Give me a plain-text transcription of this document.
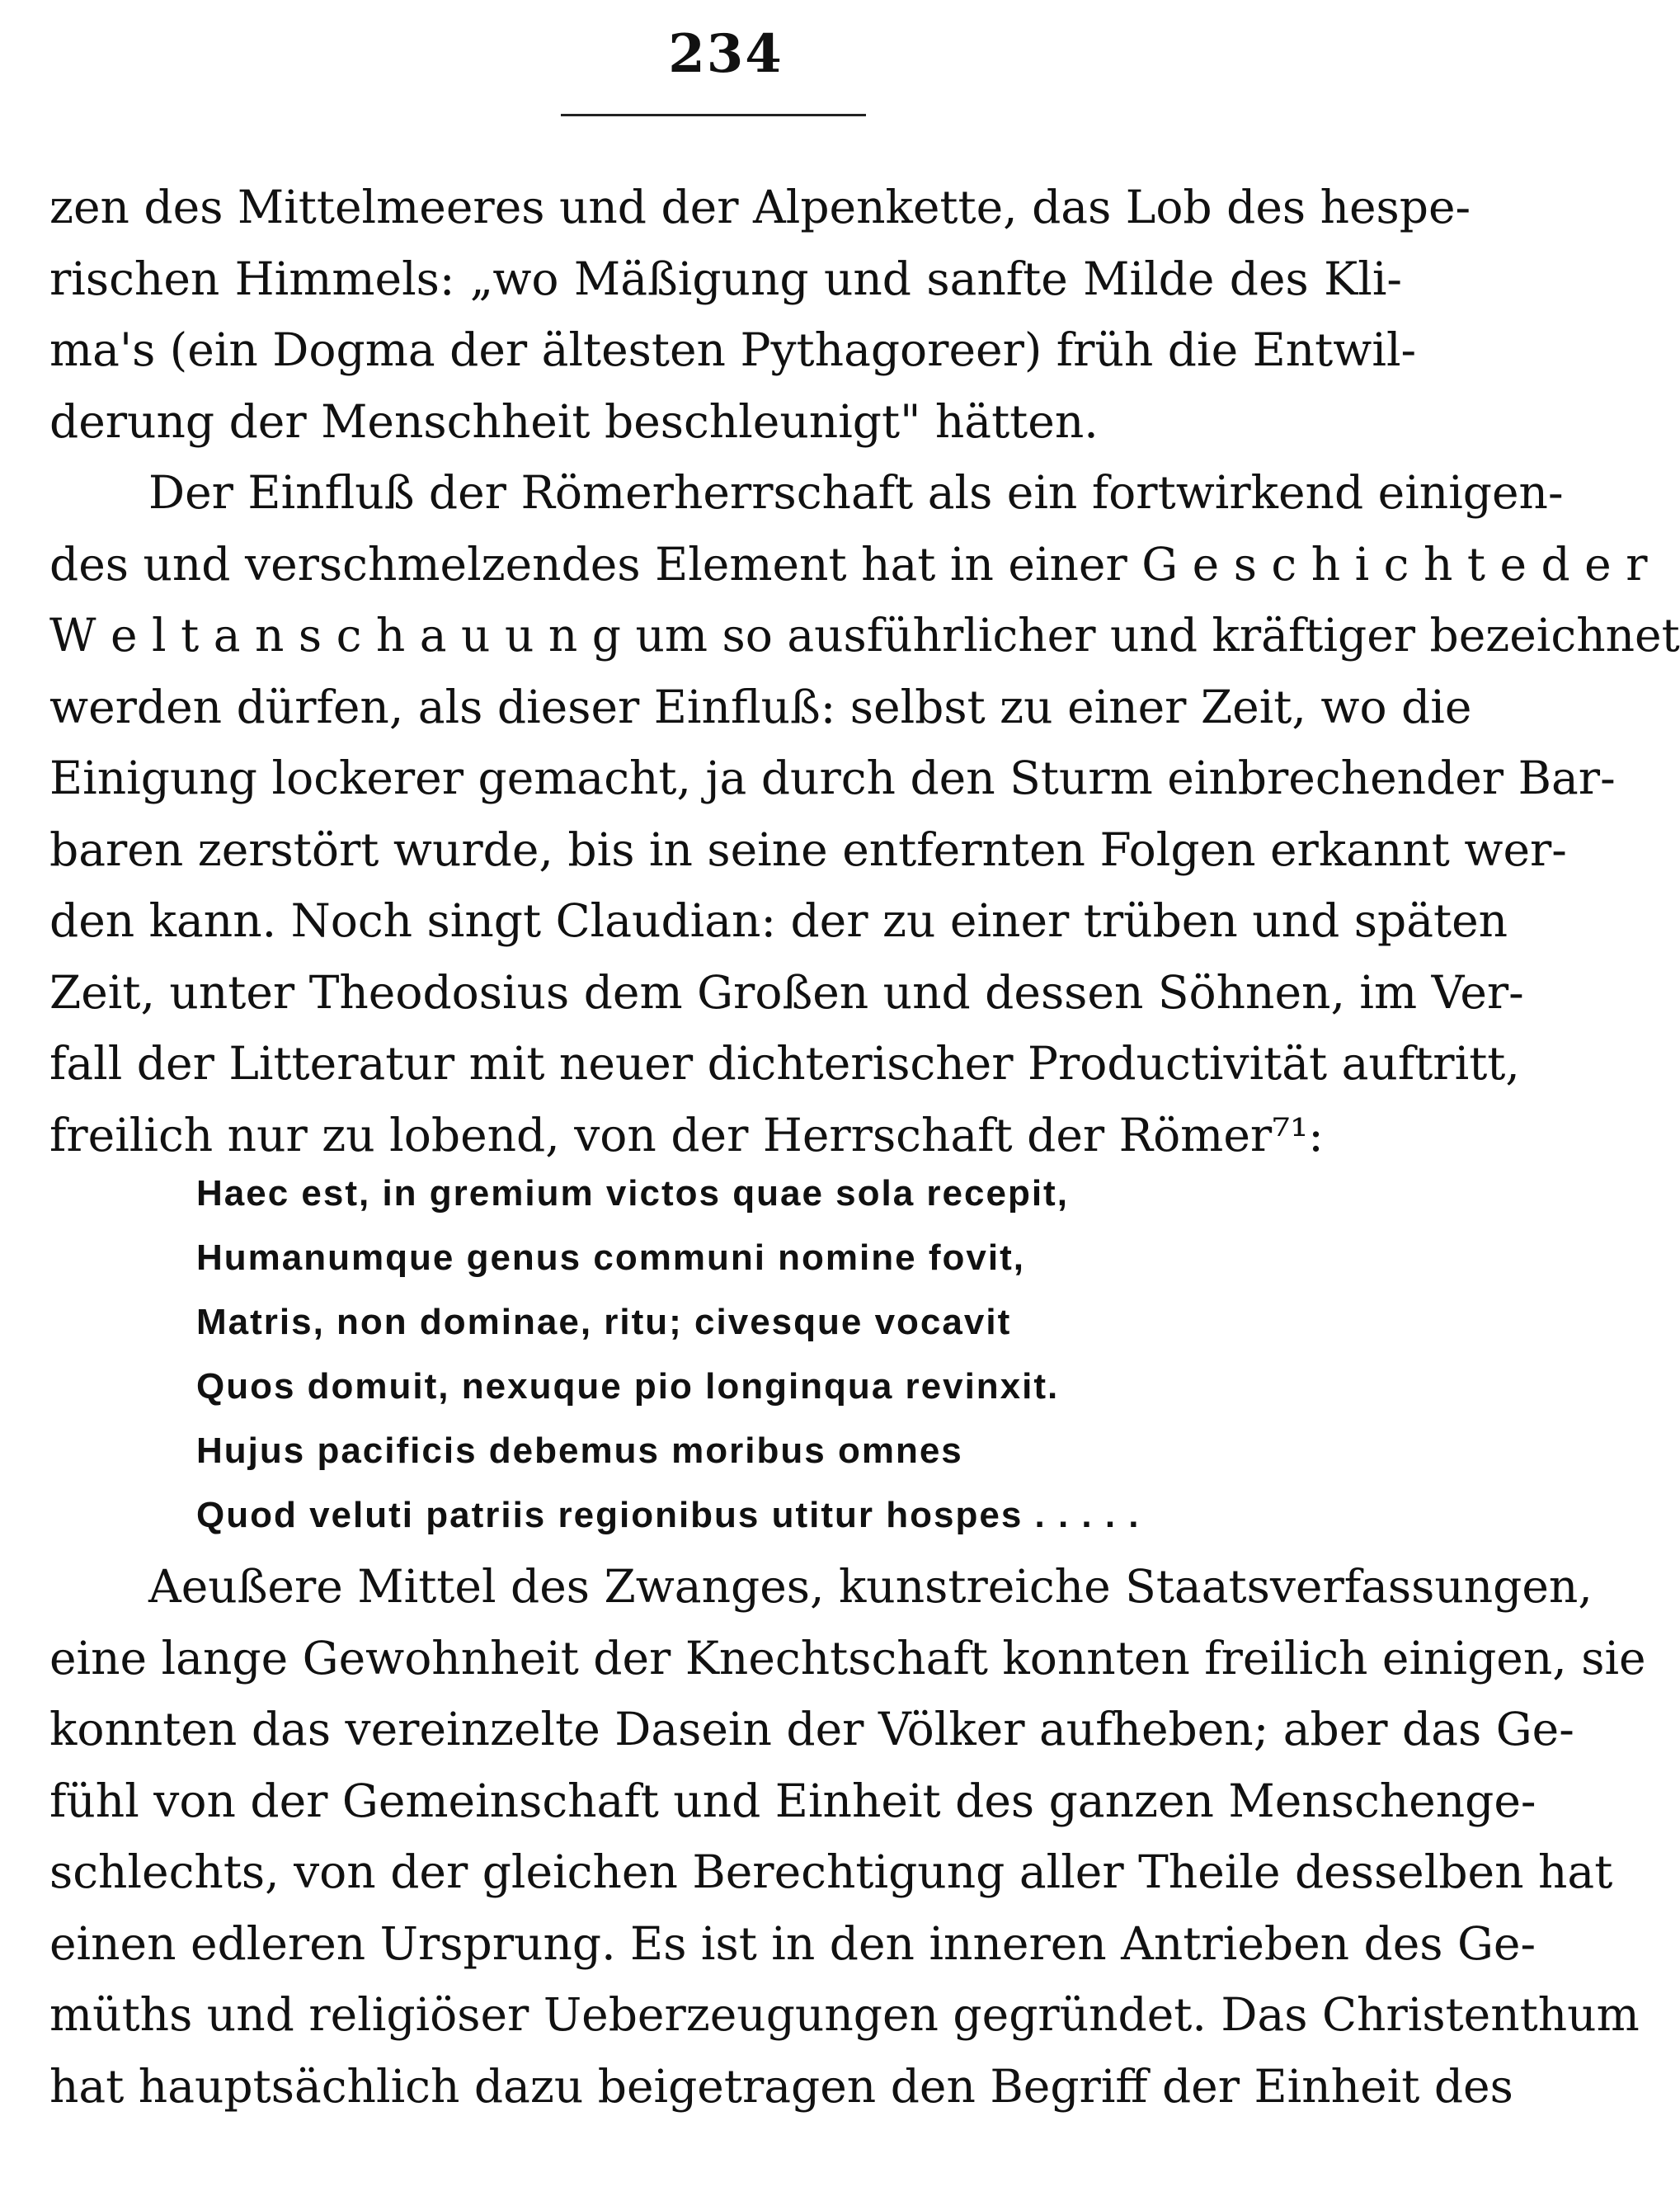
234
zen des Mittelmeeres und der Alpenkette, das Lob des hespe-
rischen Himmels: „wo Mäßigung und sanfte Milde des Kli-
ma's (ein Dogma der ältesten Pythagoreer) früh die Entwil-
derung der Menschheit beschleunigt" hätten.
Der Einfluß der Römerherrschaft als ein fortwirkend einigen-
des und verschmelzendes Element hat in einer G e s c h i c h t e d e r
W e l t a n s c h a u u n g um so ausführlicher und kräftiger bezeichnet
werden dürfen, als dieser Einfluß: selbst zu einer Zeit, wo die
Einigung lockerer gemacht, ja durch den Sturm einbrechender Bar-
baren zerstört wurde, bis in seine entfernten Folgen erkannt wer-
den kann. Noch singt Claudian: der zu einer trüben und späten
Zeit, unter Theodosius dem Großen und dessen Söhnen, im Ver-
fall der Litteratur mit neuer dichterischer Productivität auftritt,
freilich nur zu lobend, von der Herrschaft der Römer⁷¹:
Haec est, in gremium victos quae sola recepit,
Humanumque genus communi nomine fovit,
Matris, non dominae, ritu; civesque vocavit
Quos domuit, nexuque pio longinqua revinxit.
Hujus pacificis debemus moribus omnes
Quod veluti patriis regionibus utitur hospes . . . . .
Aeußere Mittel des Zwanges, kunstreiche Staatsverfassungen,
eine lange Gewohnheit der Knechtschaft konnten freilich einigen, sie
konnten das vereinzelte Dasein der Völker aufheben; aber das Ge-
fühl von der Gemeinschaft und Einheit des ganzen Menschenge-
schlechts, von der gleichen Berechtigung aller Theile desselben hat
einen edleren Ursprung. Es ist in den inneren Antrieben des Ge-
müths und religiöser Ueberzeugungen gegründet. Das Christenthum
hat hauptsächlich dazu beigetragen den Begriff der Einheit des
